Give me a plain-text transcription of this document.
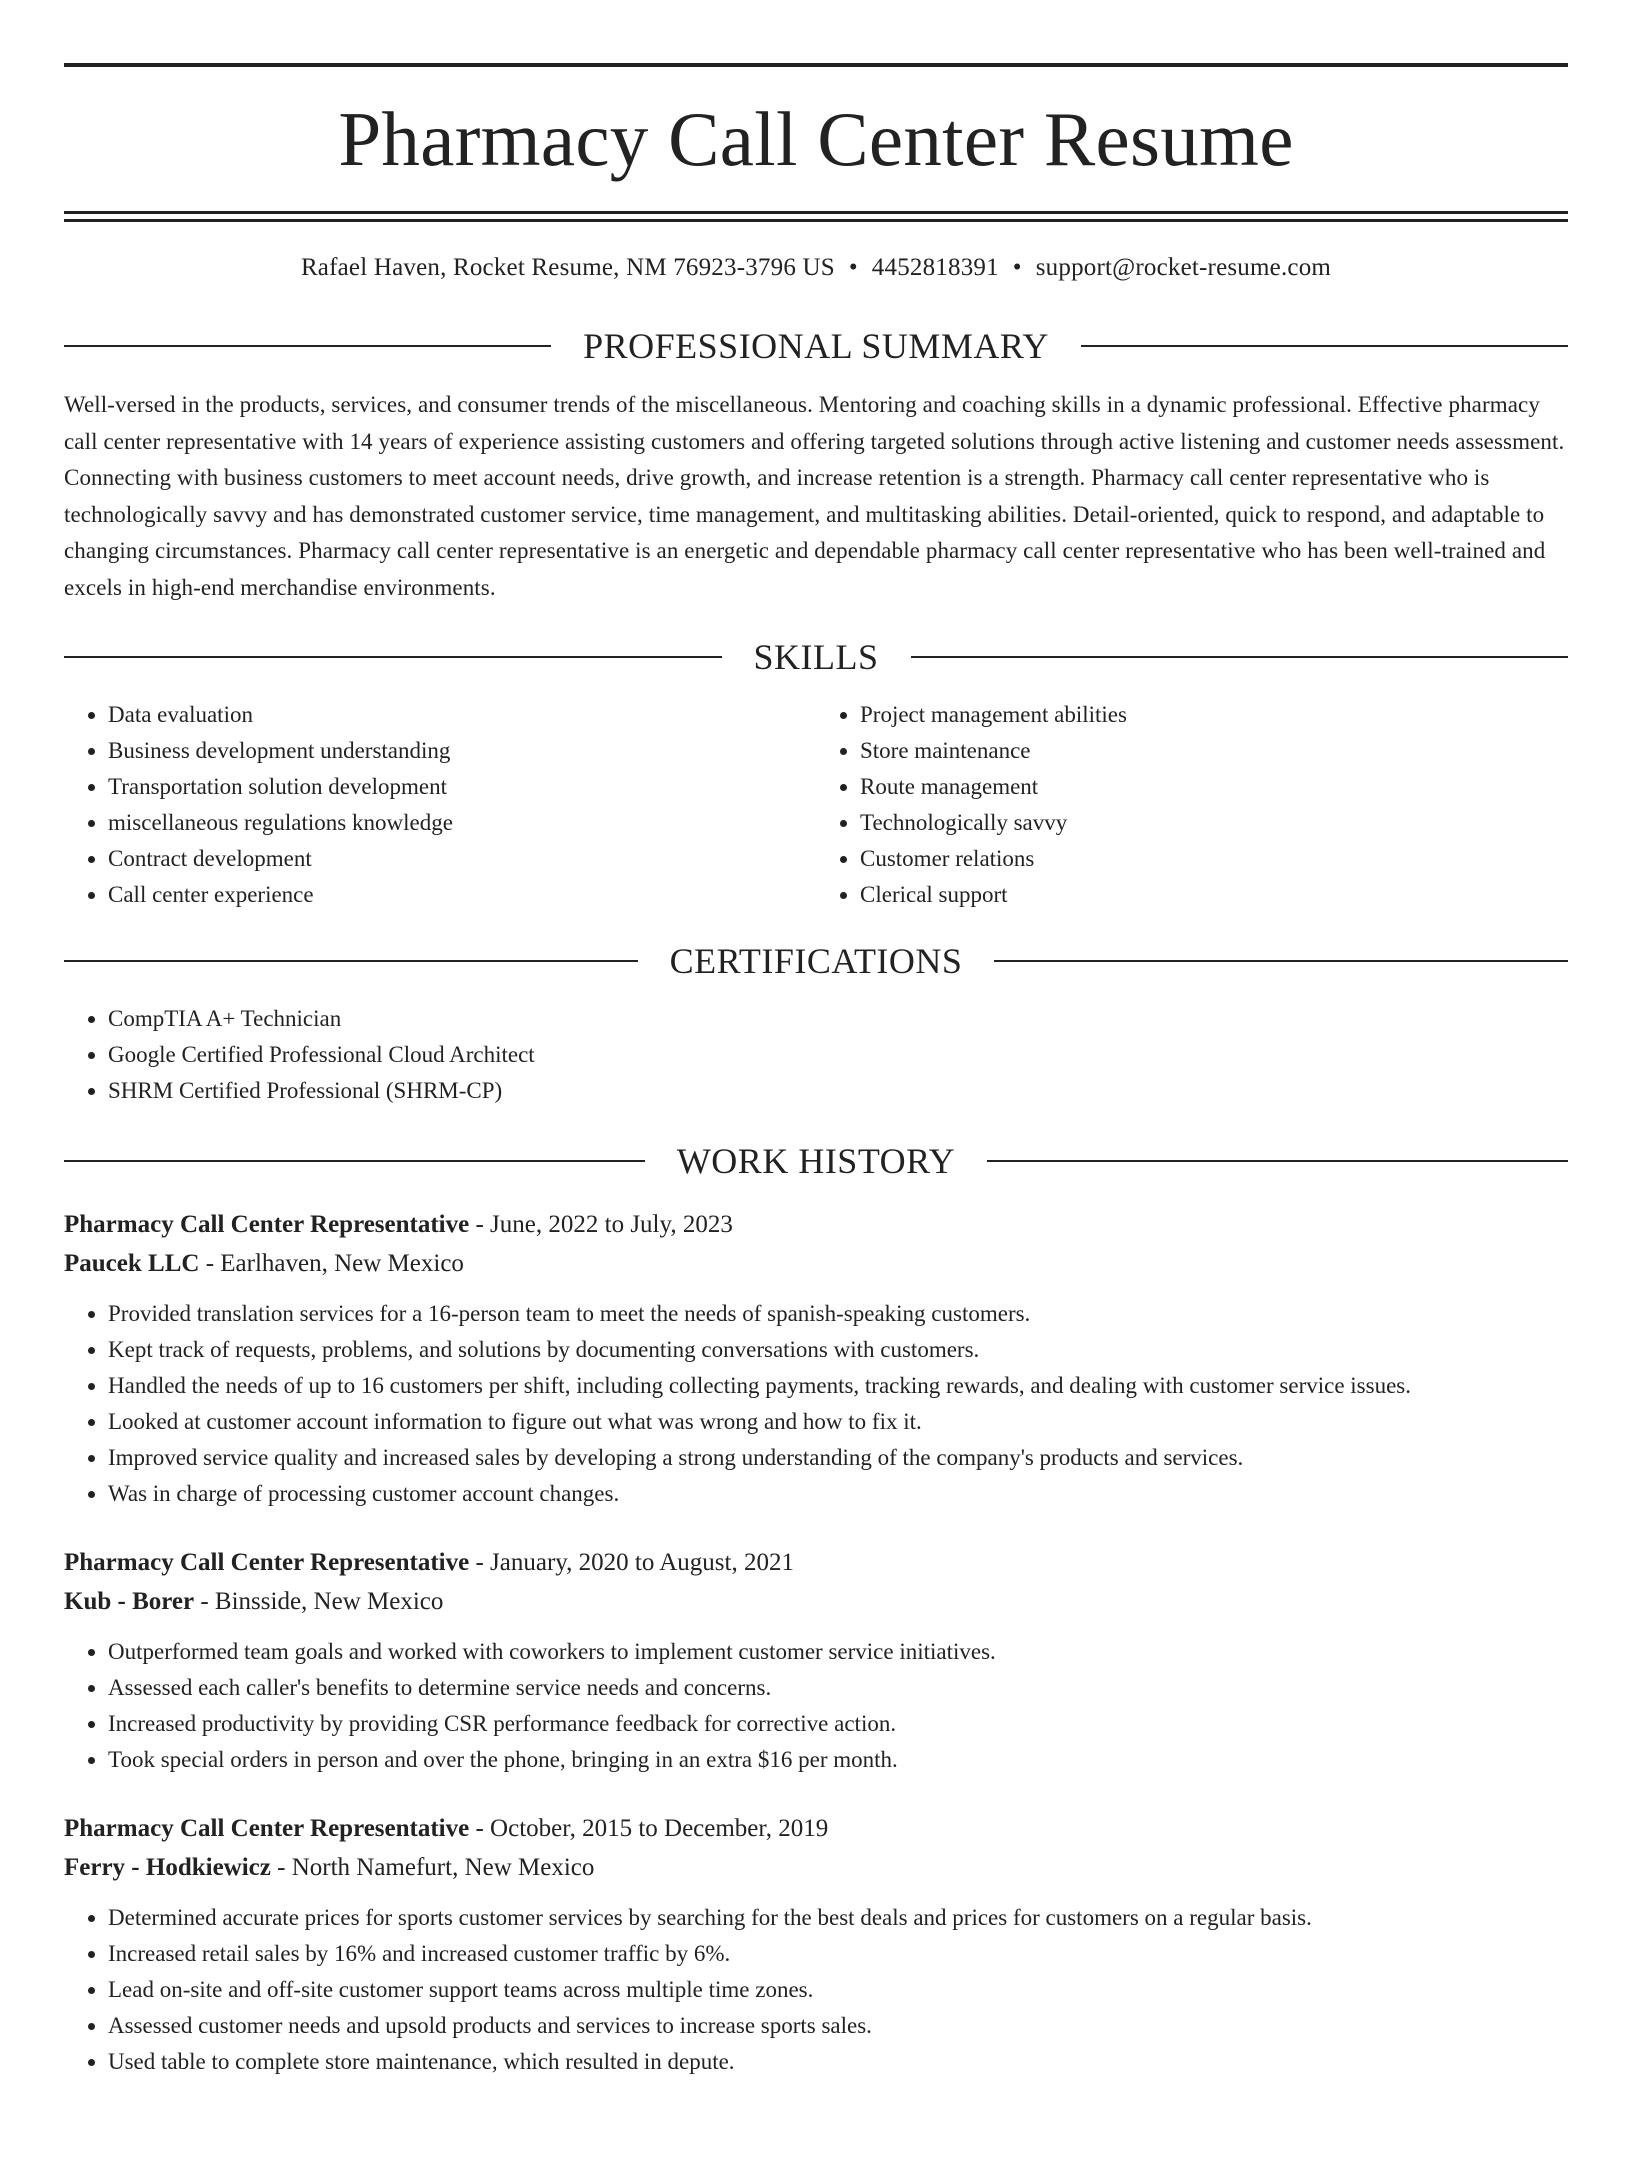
Pharmacy Call Center Resume
Rafael Haven, Rocket Resume, NM 76923-3796 US • 4452818391 • support@rocket-resume.com
PROFESSIONAL SUMMARY
Well-versed in the products, services, and consumer trends of the miscellaneous. Mentoring and coaching skills in a dynamic professional. Effective pharmacy call center representative with 14 years of experience assisting customers and offering targeted solutions through active listening and customer needs assessment. Connecting with business customers to meet account needs, drive growth, and increase retention is a strength. Pharmacy call center representative who is technologically savvy and has demonstrated customer service, time management, and multitasking abilities. Detail-oriented, quick to respond, and adaptable to changing circumstances. Pharmacy call center representative is an energetic and dependable pharmacy call center representative who has been well-trained and excels in high-end merchandise environments.
SKILLS
• Data evaluation
• Business development understanding
• Transportation solution development
• miscellaneous regulations knowledge
• Contract development
• Call center experience
• Project management abilities
• Store maintenance
• Route management
• Technologically savvy
• Customer relations
• Clerical support
CERTIFICATIONS
• CompTIA A+ Technician
• Google Certified Professional Cloud Architect
• SHRM Certified Professional (SHRM-CP)
WORK HISTORY
Pharmacy Call Center Representative - June, 2022 to July, 2023
Paucek LLC - Earlhaven, New Mexico
• Provided translation services for a 16-person team to meet the needs of spanish-speaking customers.
• Kept track of requests, problems, and solutions by documenting conversations with customers.
• Handled the needs of up to 16 customers per shift, including collecting payments, tracking rewards, and dealing with customer service issues.
• Looked at customer account information to figure out what was wrong and how to fix it.
• Improved service quality and increased sales by developing a strong understanding of the company's products and services.
• Was in charge of processing customer account changes.
Pharmacy Call Center Representative - January, 2020 to August, 2021
Kub - Borer - Binsside, New Mexico
• Outperformed team goals and worked with coworkers to implement customer service initiatives.
• Assessed each caller's benefits to determine service needs and concerns.
• Increased productivity by providing CSR performance feedback for corrective action.
• Took special orders in person and over the phone, bringing in an extra $16 per month.
Pharmacy Call Center Representative - October, 2015 to December, 2019
Ferry - Hodkiewicz - North Namefurt, New Mexico
• Determined accurate prices for sports customer services by searching for the best deals and prices for customers on a regular basis.
• Increased retail sales by 16% and increased customer traffic by 6%.
• Lead on-site and off-site customer support teams across multiple time zones.
• Assessed customer needs and upsold products and services to increase sports sales.
• Used table to complete store maintenance, which resulted in depute.
